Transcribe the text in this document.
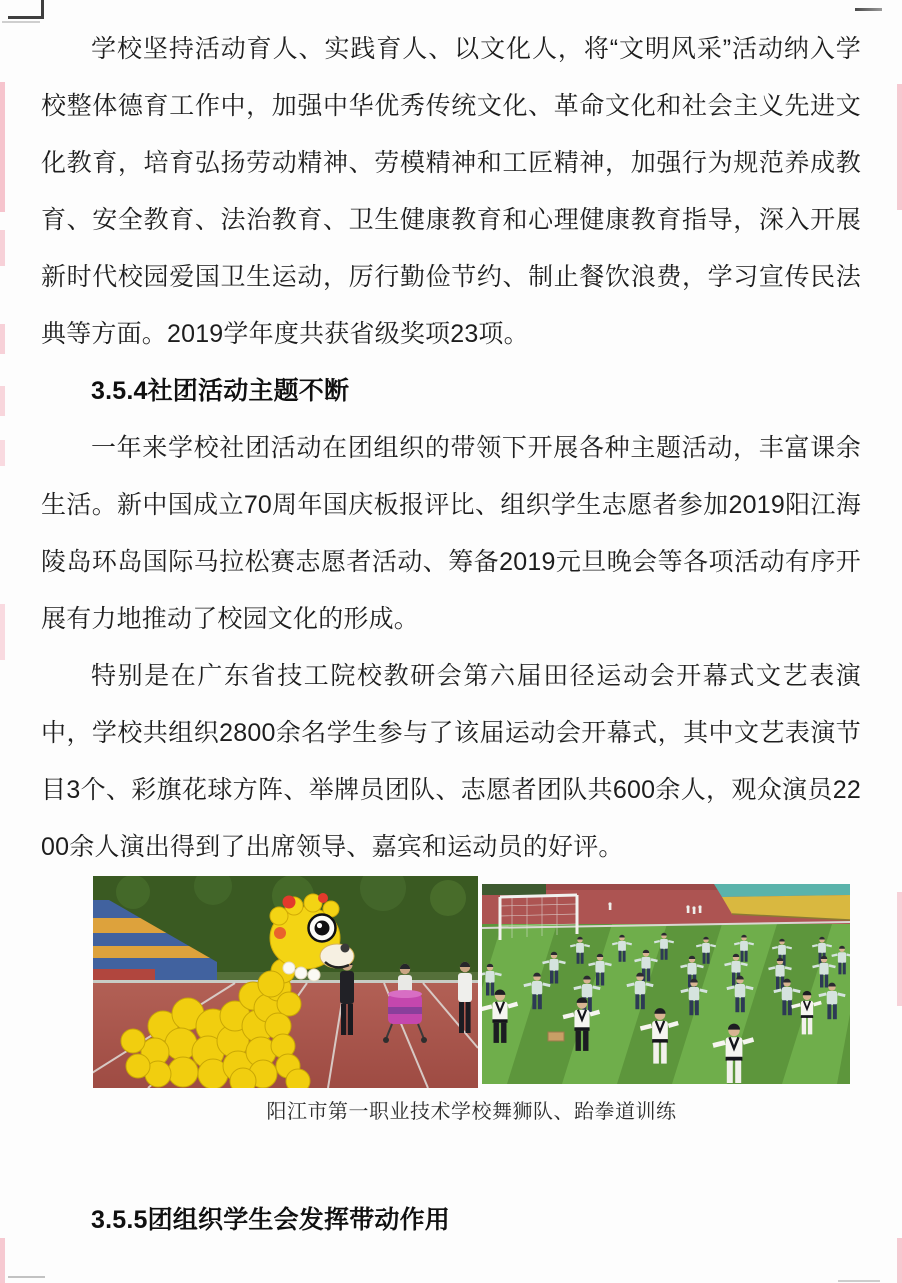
学校坚持活动育人、实践育人、以文化人，将“文明风采”活动纳入学
校整体德育工作中，加强中华优秀传统文化、革命文化和社会主义先进文
化教育，培育弘扬劳动精神、劳模精神和工匠精神，加强行为规范养成教
育、安全教育、法治教育、卫生健康教育和心理健康教育指导，深入开展
新时代校园爱国卫生运动，厉行勤俭节约、制止餐饮浪费，学习宣传民法
典等方面。2019学年度共获省级奖项23项。
3.5.4社团活动主题不断
一年来学校社团活动在团组织的带领下开展各种主题活动，丰富课余
生活。新中国成立70周年国庆板报评比、组织学生志愿者参加2019阳江海
陵岛环岛国际马拉松赛志愿者活动、筹备2019元旦晚会等各项活动有序开
展有力地推动了校园文化的形成。
特别是在广东省技工院校教研会第六届田径运动会开幕式文艺表演
中，学校共组织2800余名学生参与了该届运动会开幕式，其中文艺表演节
目3个、彩旗花球方阵、举牌员团队、志愿者团队共600余人，观众演员22
00余人演出得到了出席领导、嘉宾和运动员的好评。
阳江市第一职业技术学校舞狮队、跆拳道训练
3.5.5团组织学生会发挥带动作用
